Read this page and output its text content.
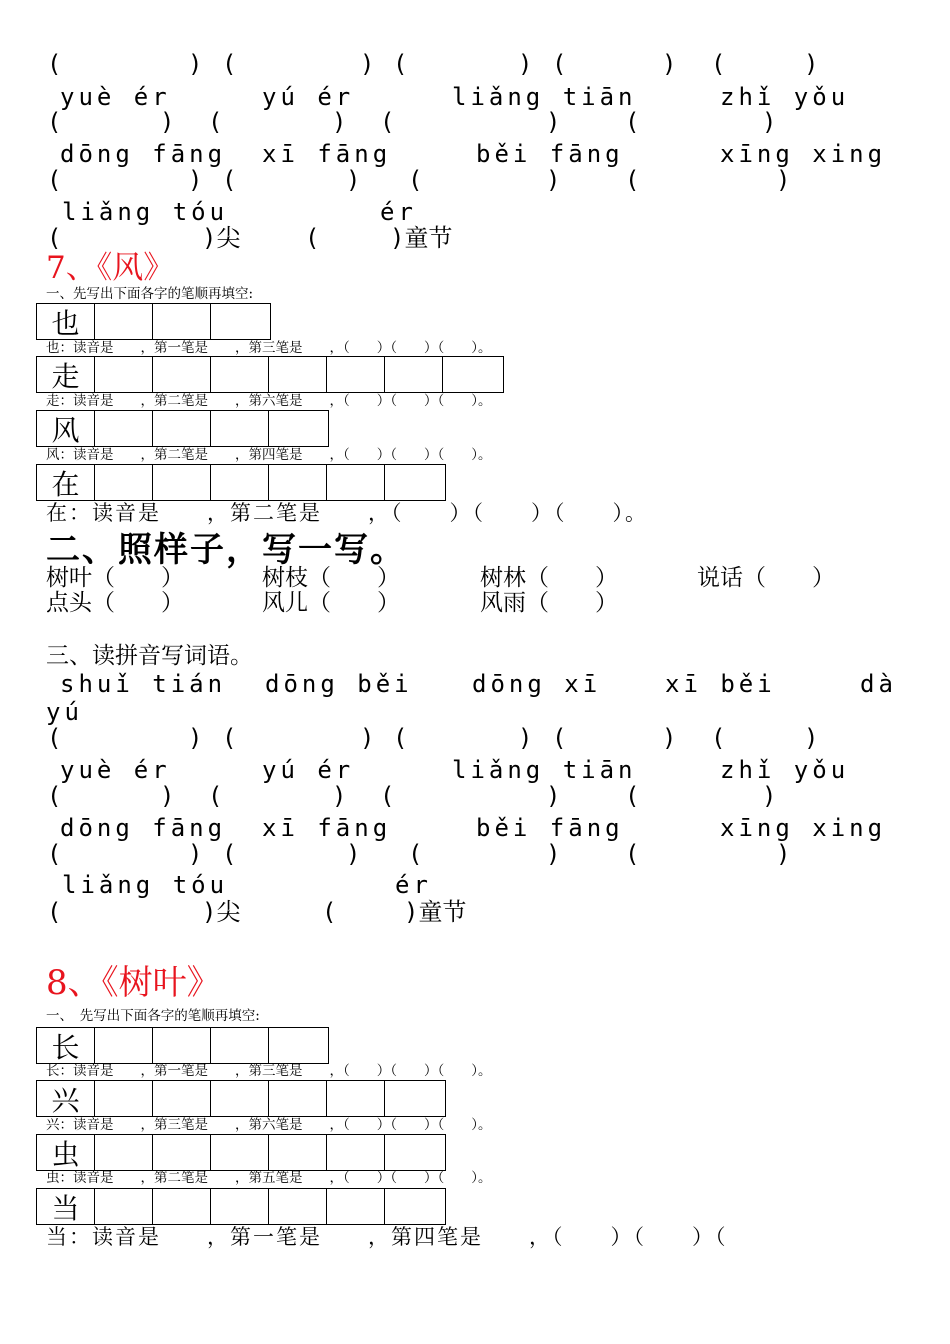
(	) (	) (	) (	) (	)
yuè ér	yú ér	liǎng tiān	zhǐ yǒu
(	) (	) (	)	(	)
dōng fāng xī fāng	běi fāng	xīng xing
(	) (	) (	)	(	)
liǎng tóu	ér
(	)尖	(	)童节
7、《风》
一、先写出下面各字的笔顺再填空:
也
也：读音是　　，第一笔是　　，第三笔是　　，（　　）（　　）（　　）。
走
走：读音是　　，第二笔是　　，第六笔是　　，（　　）（　　）（　　）。
风
风：读音是　　，第二笔是　　，第四笔是　　，（　　）（　　）（　　）。
在
在：读音是　　，第二笔是　　，（　　）（　　）（　　）。
二、照样子，写一写。
树叶（　　）	树枝（　　）	树林（　　）	说话（　　）
点头（　　）	风儿（　　）	风雨（　　）
三、读拼音写词语。
shuǐ tián dōng běi dōng xī	xī běi	dà
yú
(	) (	) (	) (	) (	)
yuè ér	yú ér	liǎng tiān	zhǐ yǒu
(	) (	) (	)	(	)
dōng fāng xī fāng	běi fāng	xīng xing
(	) (	) (	)	(	)
liǎng tóu	ér
(	)尖	(	)童节
8、《树叶》
一、　先写出下面各字的笔顺再填空:
长
长：读音是　　，第一笔是　　，第三笔是　　，（　　）（　　）（　　）。
兴
兴：读音是　　，第三笔是　　，第六笔是　　，（　　）（　　）（　　）。
虫
虫：读音是　　，第二笔是　　，第五笔是　　，（　　）（　　）（　　）。
当
当：读音是　　，第一笔是　　，第四笔是　　，（　　）（　　）（
